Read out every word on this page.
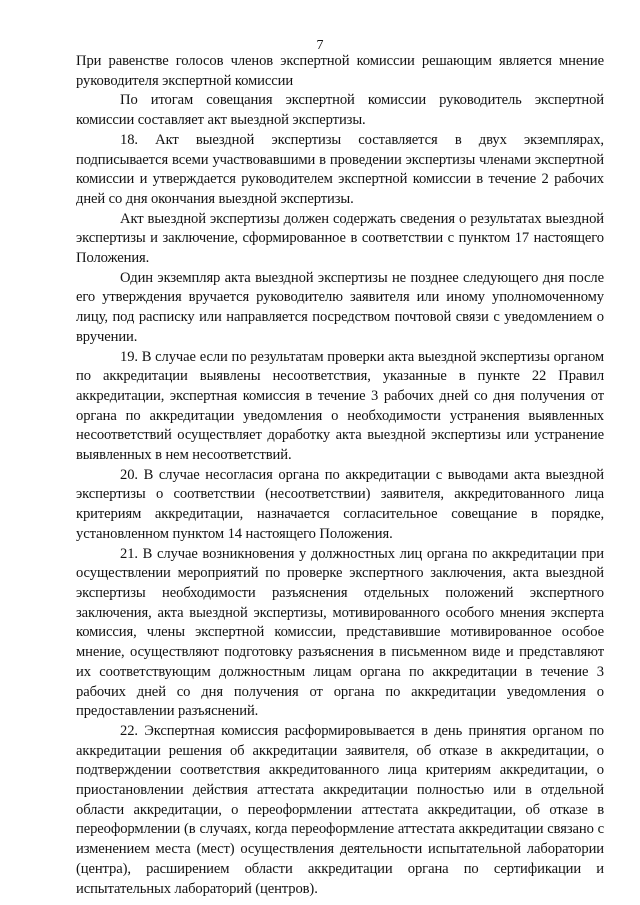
7

При равенстве голосов членов экспертной комиссии решающим является мнение руководителя экспертной комиссии

По итогам совещания экспертной комиссии руководитель экспертной комиссии составляет акт выездной экспертизы.

18. Акт выездной экспертизы составляется в двух экземплярах, подписывается всеми участвовавшими в проведении экспертизы членами экспертной комиссии и утверждается руководителем экспертной комиссии в течение 2 рабочих дней со дня окончания выездной экспертизы.

Акт выездной экспертизы должен содержать сведения о результатах выездной экспертизы и заключение, сформированное в соответствии с пунктом 17 настоящего Положения.

Один экземпляр акта выездной экспертизы не позднее следующего дня после его утверждения вручается руководителю заявителя или иному уполномоченному лицу, под расписку или направляется посредством почтовой связи с уведомлением о вручении.

19. В случае если по результатам проверки акта выездной экспертизы органом по аккредитации выявлены несоответствия, указанные в пункте 22 Правил аккредитации, экспертная комиссия в течение 3 рабочих дней со дня получения от органа по аккредитации уведомления о необходимости устранения выявленных несоответствий осуществляет доработку акта выездной экспертизы или устранение выявленных в нем несоответствий.

20. В случае несогласия органа по аккредитации с выводами акта выездной экспертизы о соответствии (несоответствии) заявителя, аккредитованного лица критериям аккредитации, назначается согласительное совещание в порядке, установленном пунктом 14 настоящего Положения.

21. В случае возникновения у должностных лиц органа по аккредитации при осуществлении мероприятий по проверке экспертного заключения, акта выездной экспертизы необходимости разъяснения отдельных положений экспертного заключения, акта выездной экспертизы, мотивированного особого мнения эксперта комиссия, члены экспертной комиссии, представившие мотивированное особое мнение, осуществляют подготовку разъяснения в письменном виде и представляют их соответствующим должностным лицам органа по аккредитации в течение 3 рабочих дней со дня получения от органа по аккредитации уведомления о предоставлении разъяснений.

22. Экспертная комиссия расформировывается в день принятия органом по аккредитации решения об аккредитации заявителя, об отказе в аккредитации, о подтверждении соответствия аккредитованного лица критериям аккредитации, о приостановлении действия аттестата аккредитации полностью или в отдельной области аккредитации, о переоформлении аттестата аккредитации, об отказе в переоформлении (в случаях, когда переоформление аттестата аккредитации связано с изменением места (мест) осуществления деятельности испытательной лаборатории (центра), расширением области аккредитации органа по сертификации и испытательных лабораторий (центров).
